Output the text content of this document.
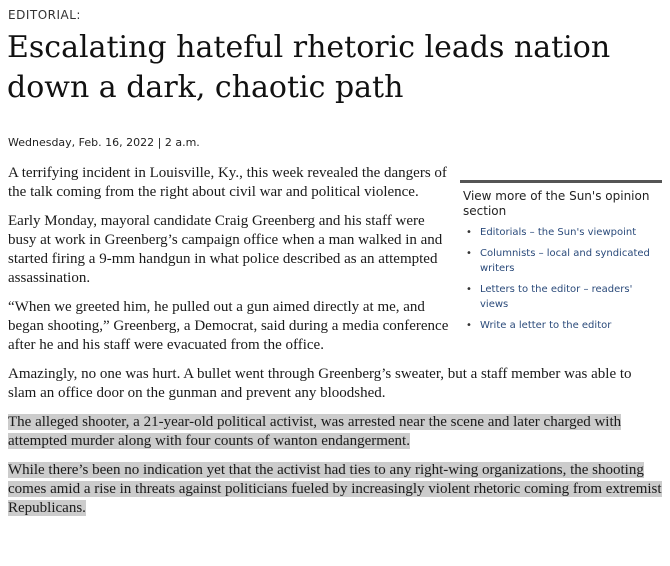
EDITORIAL:
Escalating hateful rhetoric leads nation down a dark, chaotic path
Wednesday, Feb. 16, 2022 | 2 a.m.
View more of the Sun's opinion section
• Editorials – the Sun's viewpoint
• Columnists – local and syndicated writers
• Letters to the editor – readers' views
• Write a letter to the editor

A terrifying incident in Louisville, Ky., this week revealed the dangers of the talk coming from the right about civil war and political violence.

Early Monday, mayoral candidate Craig Greenberg and his staff were busy at work in Greenberg’s campaign office when a man walked in and started firing a 9-mm handgun in what police described as an attempted assassination.

“When we greeted him, he pulled out a gun aimed directly at me, and began shooting,” Greenberg, a Democrat, said during a media conference after he and his staff were evacuated from the office.

Amazingly, no one was hurt. A bullet went through Greenberg’s sweater, but a staff member was able to slam an office door on the gunman and prevent any bloodshed.

The alleged shooter, a 21-year-old political activist, was arrested near the scene and later charged with attempted murder along with four counts of wanton endangerment.

While there’s been no indication yet that the activist had ties to any right-wing organizations, the shooting comes amid a rise in threats against politicians fueled by increasingly violent rhetoric coming from extremist Republicans.
